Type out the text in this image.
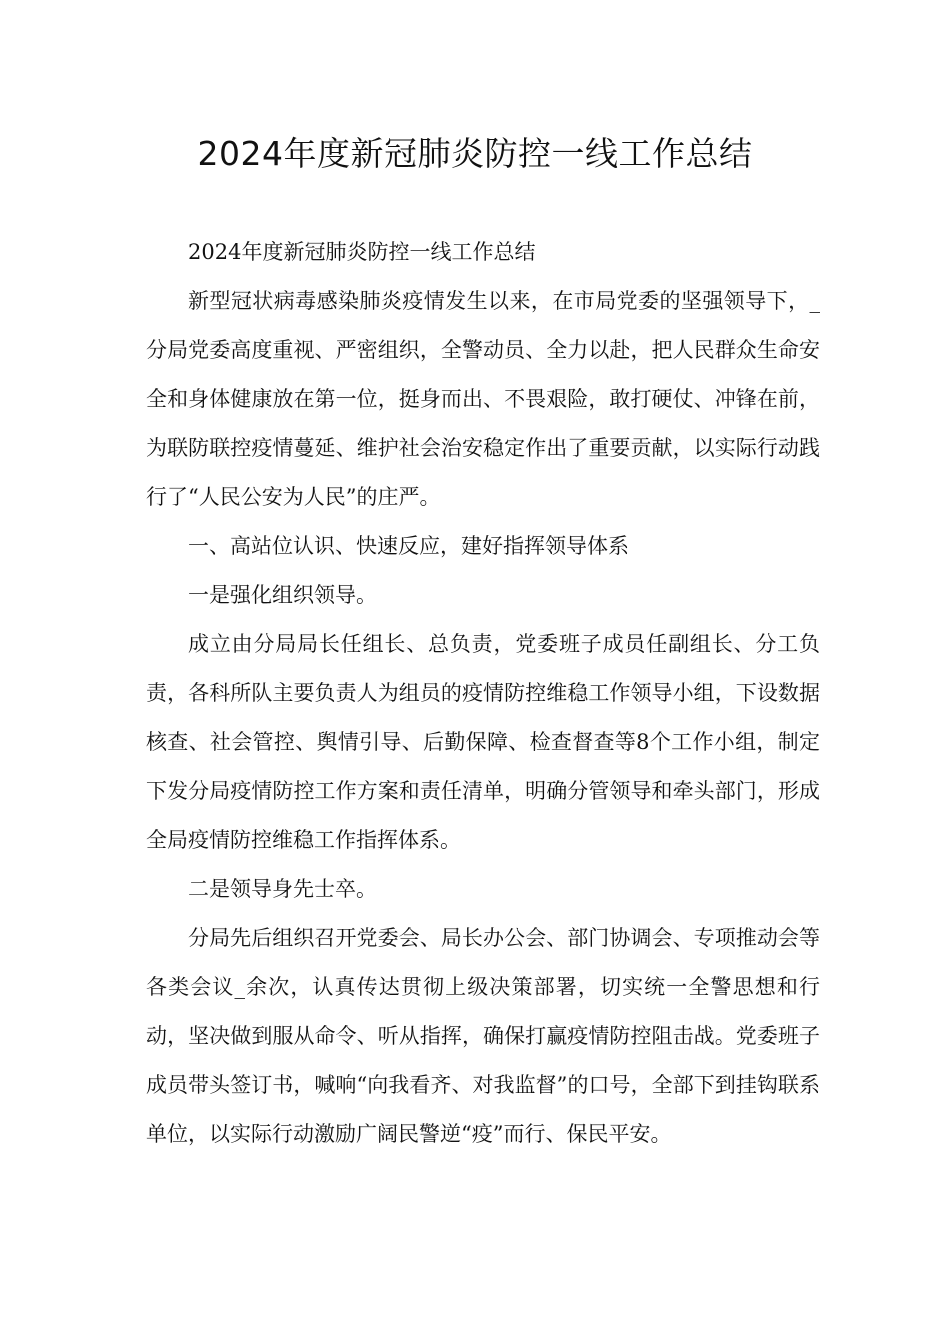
2024年度新冠肺炎防控一线工作总结

2024年度新冠肺炎防控一线工作总结

新型冠状病毒感染肺炎疫情发生以来，在市局党委的坚强领导下，_分局党委高度重视、严密组织，全警动员、全力以赴，把人民群众生命安全和身体健康放在第一位，挺身而出、不畏艰险，敢打硬仗、冲锋在前，为联防联控疫情蔓延、维护社会治安稳定作出了重要贡献，以实际行动践行了“人民公安为人民”的庄严。

一、高站位认识、快速反应，建好指挥领导体系

一是强化组织领导。

成立由分局局长任组长、总负责，党委班子成员任副组长、分工负责，各科所队主要负责人为组员的疫情防控维稳工作领导小组，下设数据核查、社会管控、舆情引导、后勤保障、检查督查等8个工作小组，制定下发分局疫情防控工作方案和责任清单，明确分管领导和牵头部门，形成全局疫情防控维稳工作指挥体系。

二是领导身先士卒。

分局先后组织召开党委会、局长办公会、部门协调会、专项推动会等各类会议_余次，认真传达贯彻上级决策部署，切实统一全警思想和行动，坚决做到服从命令、听从指挥，确保打赢疫情防控阻击战。党委班子成员带头签订书，喊响“向我看齐、对我监督”的口号，全部下到挂钩联系单位，以实际行动激励广阔民警逆“疫”而行、保民平安。
